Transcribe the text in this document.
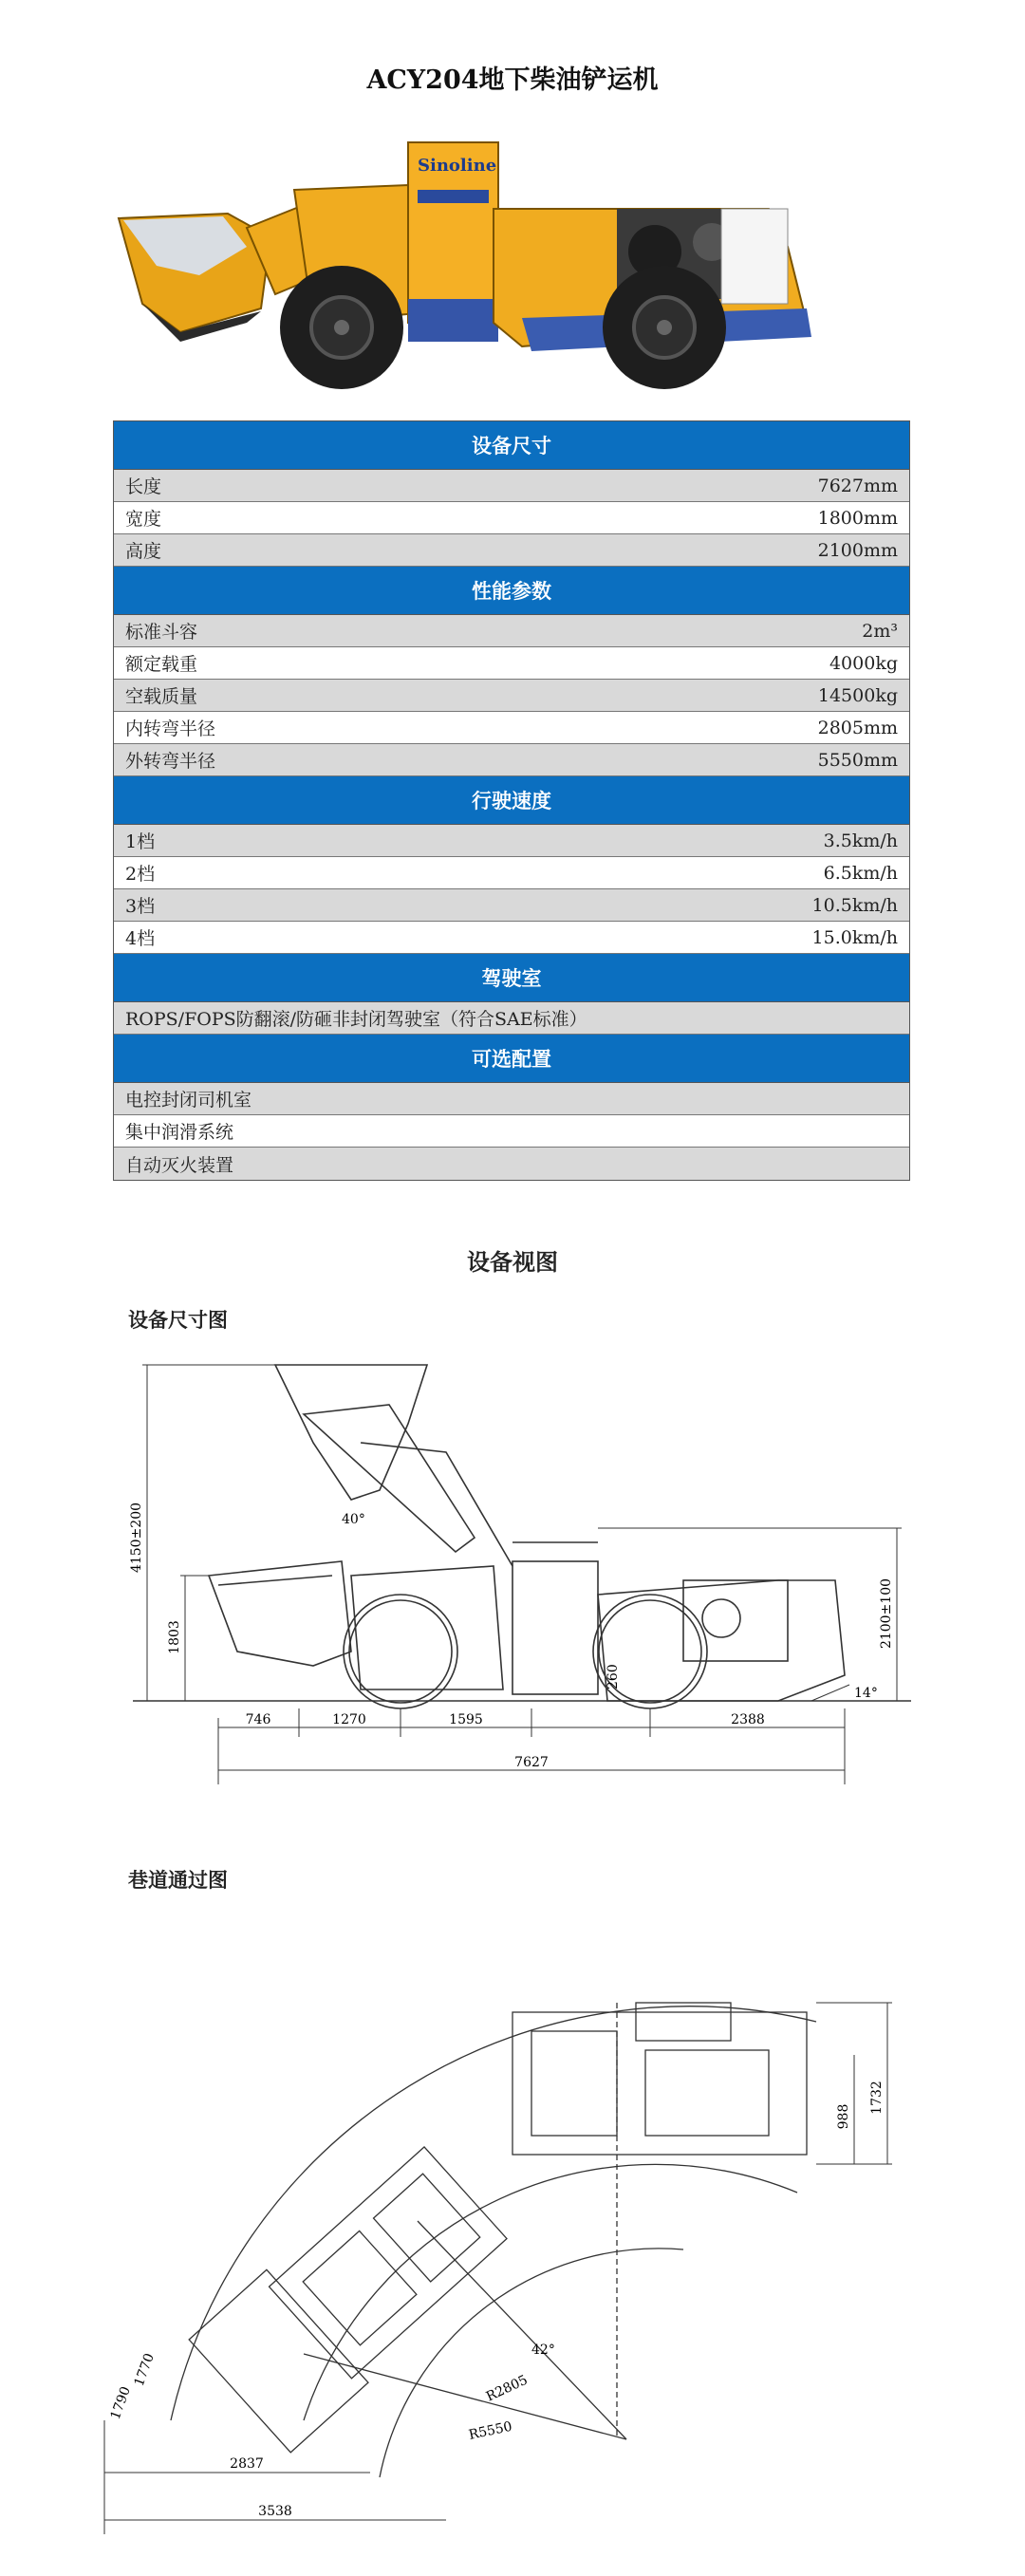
ACY204地下柴油铲运机
Sinoline
设备尺寸
长度	7627mm
宽度	1800mm
高度	2100mm
性能参数
标准斗容	2m³
额定载重	4000kg
空载质量	14500kg
内转弯半径	2805mm
外转弯半径	5550mm
行驶速度
1档	3.5km/h
2档	6.5km/h
3档	10.5km/h
4档	15.0km/h
驾驶室
ROPS/FOPS防翻滚/防砸非封闭驾驶室（符合SAE标准）
可选配置
电控封闭司机室
集中润滑系统
自动灭火装置
设备视图
设备尺寸图
4150±200
1803
40°
260
2100±100
14°
746	1270	1595	2388
7627
巷道通过图
1732
988
42°
R2805
R5550
1770
1790
2837
3538
